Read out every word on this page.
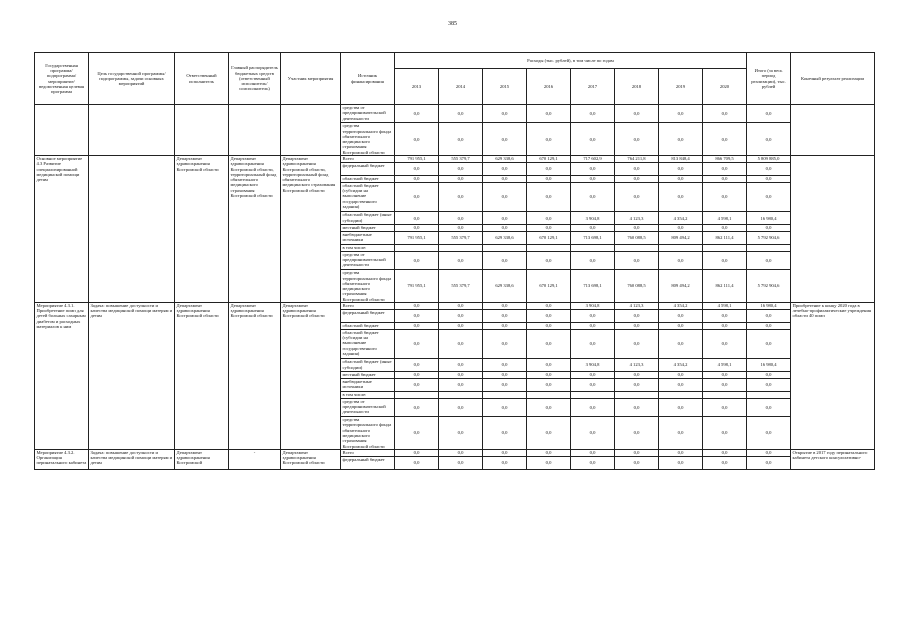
385
Государственная программа/подпрограмма/ мероприятие/ ведомственная целевая программа	Цель государственной программы/подпрограммы, задачи основных мероприятий	Ответственный исполнитель	Главный распорядитель бюджетных средств (ответственный исполнитель/ соисполнитель)	Участник мероприятия	Источник финансирования	Расходы (тыс. рублей), в том числе по годам								Итого (за весь период реализации), тыс. рублей	Конечный результат реализации
						2013	2014	2015	2016	2017	2018	2019	2020		
					средства от предпринимательской деятельности	0,0	0,0	0,0	0,0	0,0	0,0	0,0	0,0	0,0	
					средства территориального фонда обязательного медицинского страхования Костромской области	0,0	0,0	0,0	0,0	0,0	0,0	0,0	0,0	0,0	
Основное мероприятие 4.3 Развитие специализированной медицинской помощи детям		Департамент здравоохранения Костромской области	Департамент здравоохранения Костромской области, территориальный фонд обязательного медицинского страхования Костромской области	Департамент здравоохранения Костромской области, территориальный фонд обязательного медицинского страхования Костромской области	Всего	791 955,1	555 379,7	629 338,6	670 129,1	717 602,9	764 211,8	813 848,4	866 709,5	5 809 885,0	
					федеральный бюджет	0,0	0,0	0,0	0,0	0,0	0,0	0,0	0,0	0,0	
					областной бюджет	0,0	0,0	0,0	0,0	0,0	0,0	0,0	0,0	0,0	
					областной бюджет (субсидии на выполнение государственного задания)	0,0	0,0	0,0	0,0	0,0	0,0	0,0	0,0	0,0	
					областной бюджет (иные субсидии)	0,0	0,0	0,0	0,0	3 904,8	4 123,3	4 354,2	4 598,1	16 980,4	
					местный бюджет	0,0	0,0	0,0	0,0	0,0	0,0	0,0	0,0	0,0	
					внебюджетные источники	791 955,1	555 379,7	629 338,6	670 129,1	713 698,1	760 088,5	809 494,2	862 111,4	5 792 904,6	
					в том числе:										
					средства от предпринимательской деятельности	0,0	0,0	0,0	0,0	0,0	0,0	0,0	0,0	0,0	
					средства территориального фонда обязательного медицинского страхования Костромской области	791 955,1	555 379,7	629 338,6	670 129,1	713 698,1	760 088,5	809 494,2	862 111,4	5 792 904,6	
Мероприятие 4.3.1. Приобретение помп для детей больных сахарным диабетом и расходных материалов к ним	Задача: повышение доступности и качества медицинской помощи матерям и детям	Департамент здравоохранения Костромской области	Департамент здравоохранения Костромской области	Департамент здравоохранения Костромской области	Всего	0,0	0,0	0,0	0,0	3 904,8	4 123,3	4 354,2	4 598,1	16 980,4	Приобретение к концу 2020 года в лечебно-профилактические учреждения области 40 помп
					федеральный бюджет	0,0	0,0	0,0	0,0	0,0	0,0	0,0	0,0	0,0	
					областной бюджет	0,0	0,0	0,0	0,0	0,0	0,0	0,0	0,0	0,0	
					областной бюджет (субсидии на выполнение государственного задания)	0,0	0,0	0,0	0,0	0,0	0,0	0,0	0,0	0,0	
					областной бюджет (иные субсидии)	0,0	0,0	0,0	0,0	3 904,8	4 123,3	4 354,2	4 598,1	16 980,4	
					местный бюджет	0,0	0,0	0,0	0,0	0,0	0,0	0,0	0,0	0,0	
					внебюджетные источники	0,0	0,0	0,0	0,0	0,0	0,0	0,0	0,0	0,0	
					в том числе:										
					средства от предпринимательской деятельности	0,0	0,0	0,0	0,0	0,0	0,0	0,0	0,0	0,0	
					средства территориального фонда обязательного медицинского страхования Костромской области	0,0	0,0	0,0	0,0	0,0	0,0	0,0	0,0	0,0	
Мероприятие 4.3.2. Организация перинатального кабинета	Задача: повышение доступности и качества медицинской помощи матерям и детям	Департамент здравоохранения Костромской	-	Департамент здравоохранения Костромской области	Всего	0,0	0,0	0,0	0,0	0,0	0,0	0,0	0,0	0,0	Открытие в 2017 году перинатального кабинета детского консультативно-
					федеральный бюджет	0,0	0,0	0,0	0,0	0,0	0,0	0,0	0,0	0,0	
